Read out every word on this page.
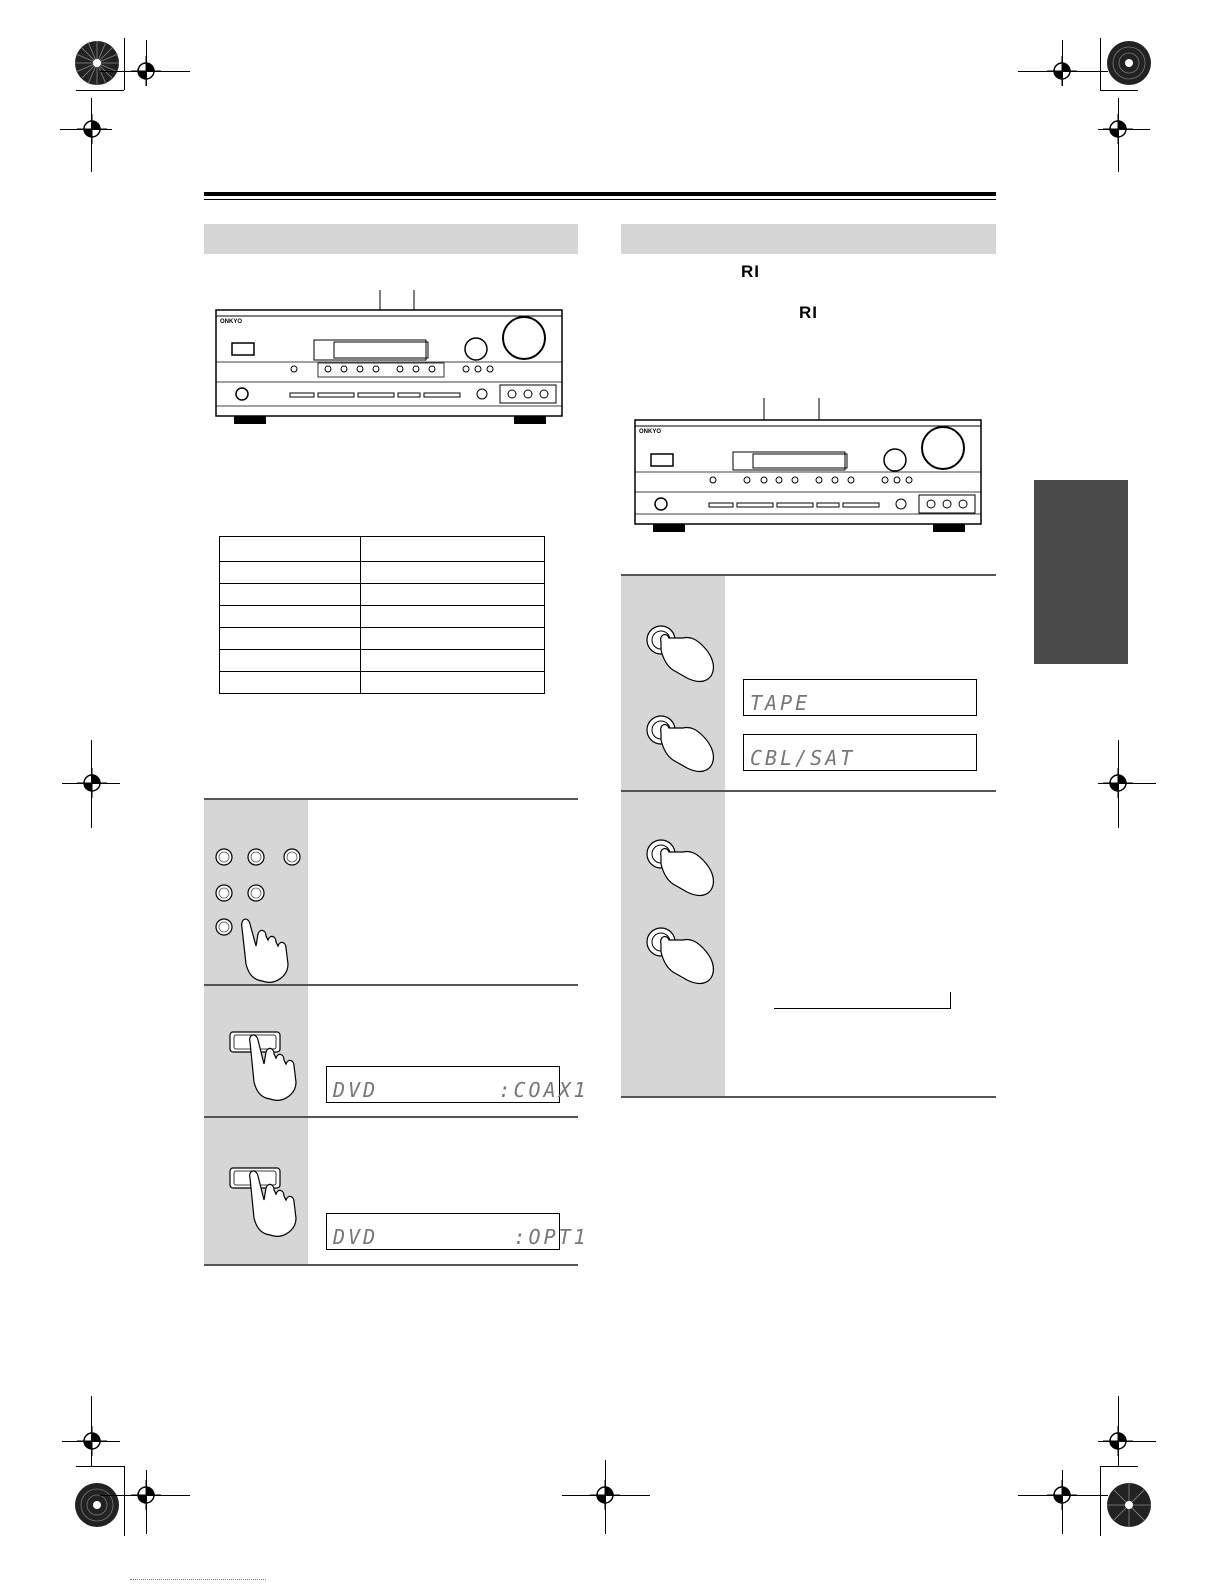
ONKYO

DVD        :COAX1
DVD         :OPT1
RI
RI
ONKYO
TAPE
CBL/SAT
